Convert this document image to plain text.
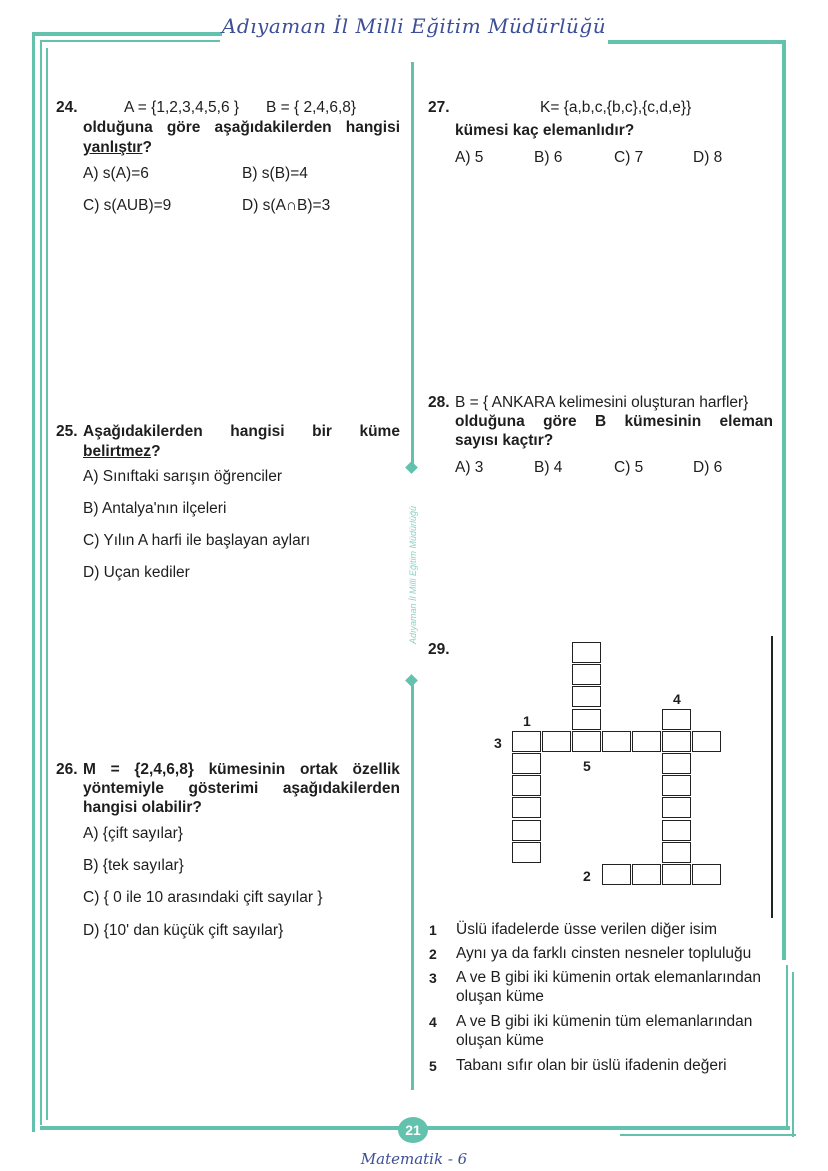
Adıyaman İl Milli Eğitim Müdürlüğü
Adıyaman İl Milli Eğitim Müdürlüğü
24.	A = {1,2,3,4,5,6 } B = { 2,4,6,8}
olduğuna göre aşağıdakilerden hangisi
yanlıştır?
A) s(A)=6	B) s(B)=4
C) s(AUB)=9	D) s(A∩B)=3
25. Aşağıdakilerden hangisi bir küme
belirtmez?
A) Sınıftaki sarışın öğrenciler
B) Antalya'nın ilçeleri
C) Yılın A harfi ile başlayan ayları
D) Uçan kediler
26. M = {2,4,6,8} kümesinin ortak özellik
yöntemiyle gösterimi aşağıdakilerden
hangisi olabilir?
A) {çift sayılar}
B) {tek sayılar}
C) { 0 ile 10 arasındaki çift sayılar }
D) {10' dan küçük çift sayılar}
27.	K= {a,b,c,{b,c},{c,d,e}}
kümesi kaç elemanlıdır?
A) 5	B) 6	C) 7	D) 8
28. B = { ANKARA kelimesini oluşturan harfler}
olduğuna göre B kümesinin eleman
sayısı kaçtır?
A) 3	B) 4	C) 5	D) 6
29.
1
2
3
4
5
1 Üslü ifadelerde üsse verilen diğer isim
2 Aynı ya da farklı cinsten nesneler topluluğu
3 A ve B gibi iki kümenin ortak elemanlarından oluşan küme
4 A ve B gibi iki kümenin tüm elemanlarından oluşan küme
5 Tabanı sıfır olan bir üslü ifadenin değeri
21
Matematik - 6
